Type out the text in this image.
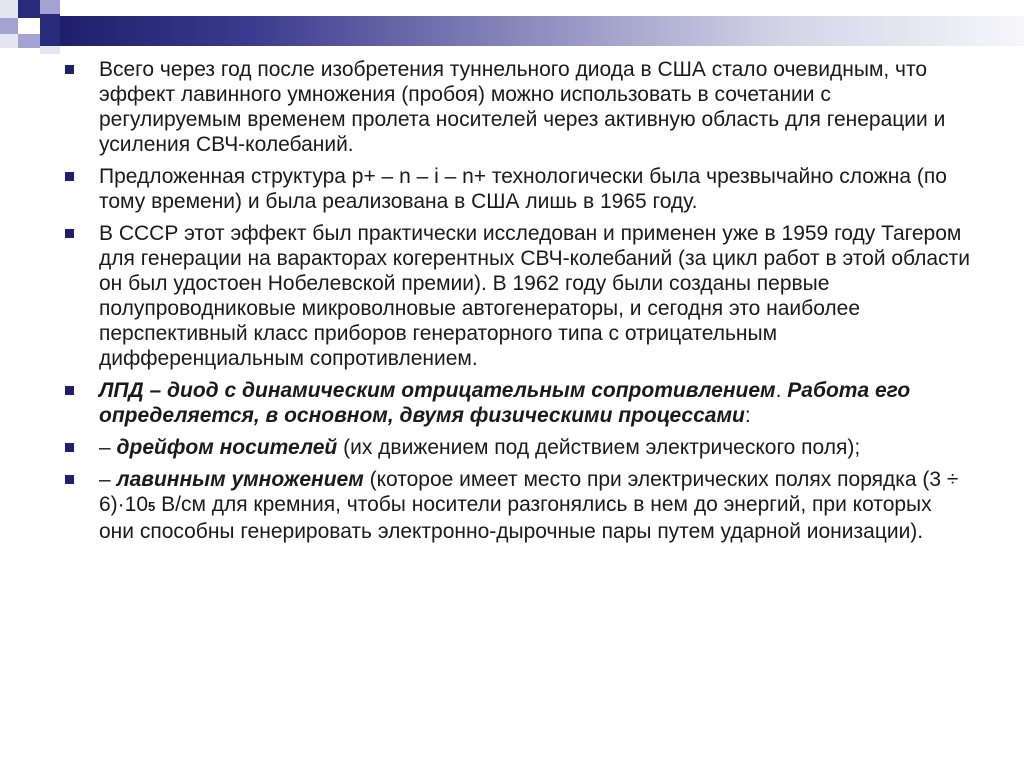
Всего через год после изобретения туннельного диода в США стало очевидным, что эффект лавинного умножения (пробоя) можно использовать в сочетании с регулируемым временем пролета носителей через активную область для генерации и усиления СВЧ-колебаний.
Предложенная структура p+ – n – i – n+ технологически была чрезвычайно сложна (по тому времени) и была реализована в США лишь в 1965 году.
В СССР этот эффект был практически исследован и применен уже в 1959 году Тагером для генерации на варакторах когерентных СВЧ-колебаний (за цикл работ в этой области он был удостоен Нобелевской премии). В 1962 году были созданы первые полупроводниковые микроволновые автогенераторы, и сегодня это наиболее перспективный класс приборов генераторного типа с отрицательным дифференциальным сопротивлением.
ЛПД – диод с динамическим отрицательным сопротивлением. Работа его определяется, в основном, двумя физическими процессами:
– дрейфом носителей (их движением под действием электрического поля);
– лавинным умножением (которое имеет место при электрических полях порядка (3 ÷ 6)·105 В/см для кремния, чтобы носители разгонялись в нем до энергий, при которых они способны генерировать электронно-дырочные пары путем ударной ионизации).
